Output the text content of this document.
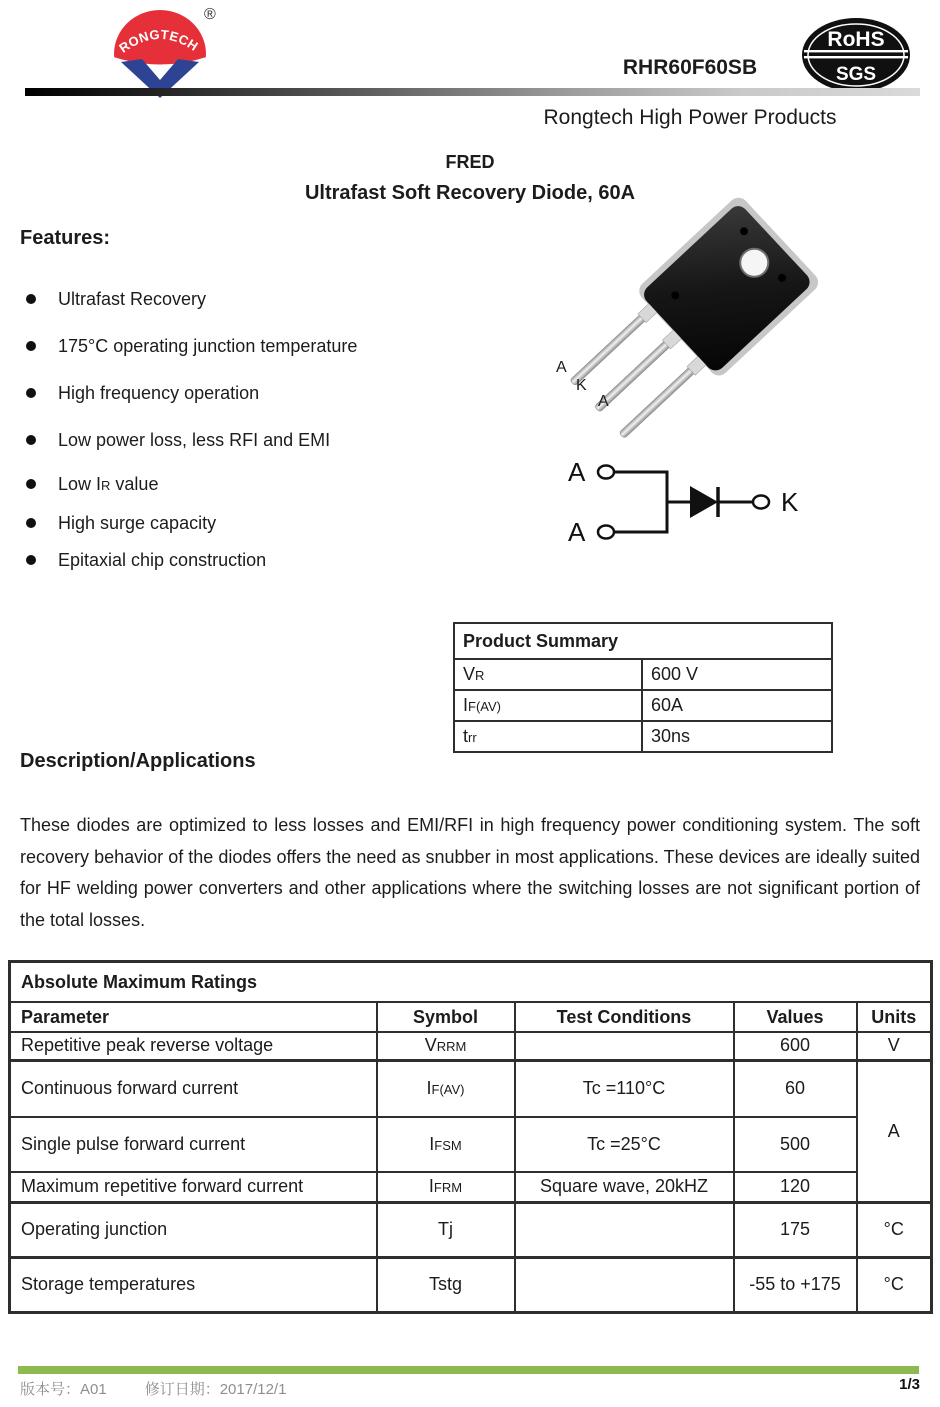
RONGTECH
®
RHR60F60SB
RoHS
SGS
Rongtech High Power Products
FRED
Ultrafast Soft Recovery Diode, 60A
Features:
Ultrafast Recovery
175°C operating junction temperature
High frequency operation
Low power loss, less RFI and EMI
Low IR value
High surge capacity
Epitaxial chip construction
A
K
A
A
A
K
Product Summary	
VR	600 V
IF(AV)	60A
trr	30ns
Description/Applications
These diodes are optimized to less losses and EMI/RFI in high frequency power conditioning system. The soft recovery behavior of the diodes offers the need as snubber in most applications. These devices are ideally suited for HF welding power converters and other applications where the switching losses are not significant portion of the total losses.
Absolute Maximum Ratings				
Parameter	Symbol	Test Conditions	Values	Units
Repetitive peak reverse voltage	VRRM		600	V
Continuous forward current	IF(AV)	Tc =110°C	60	A
Single pulse forward current	IFSM	Tc =25°C	500	
Maximum repetitive forward current	IFRM	Square wave, 20kHZ	120	
Operating junction	Tj		175	°C
Storage temperatures	Tstg		-55 to +175	°C
版本号：A01	修订日期：2017/12/1	1/3
